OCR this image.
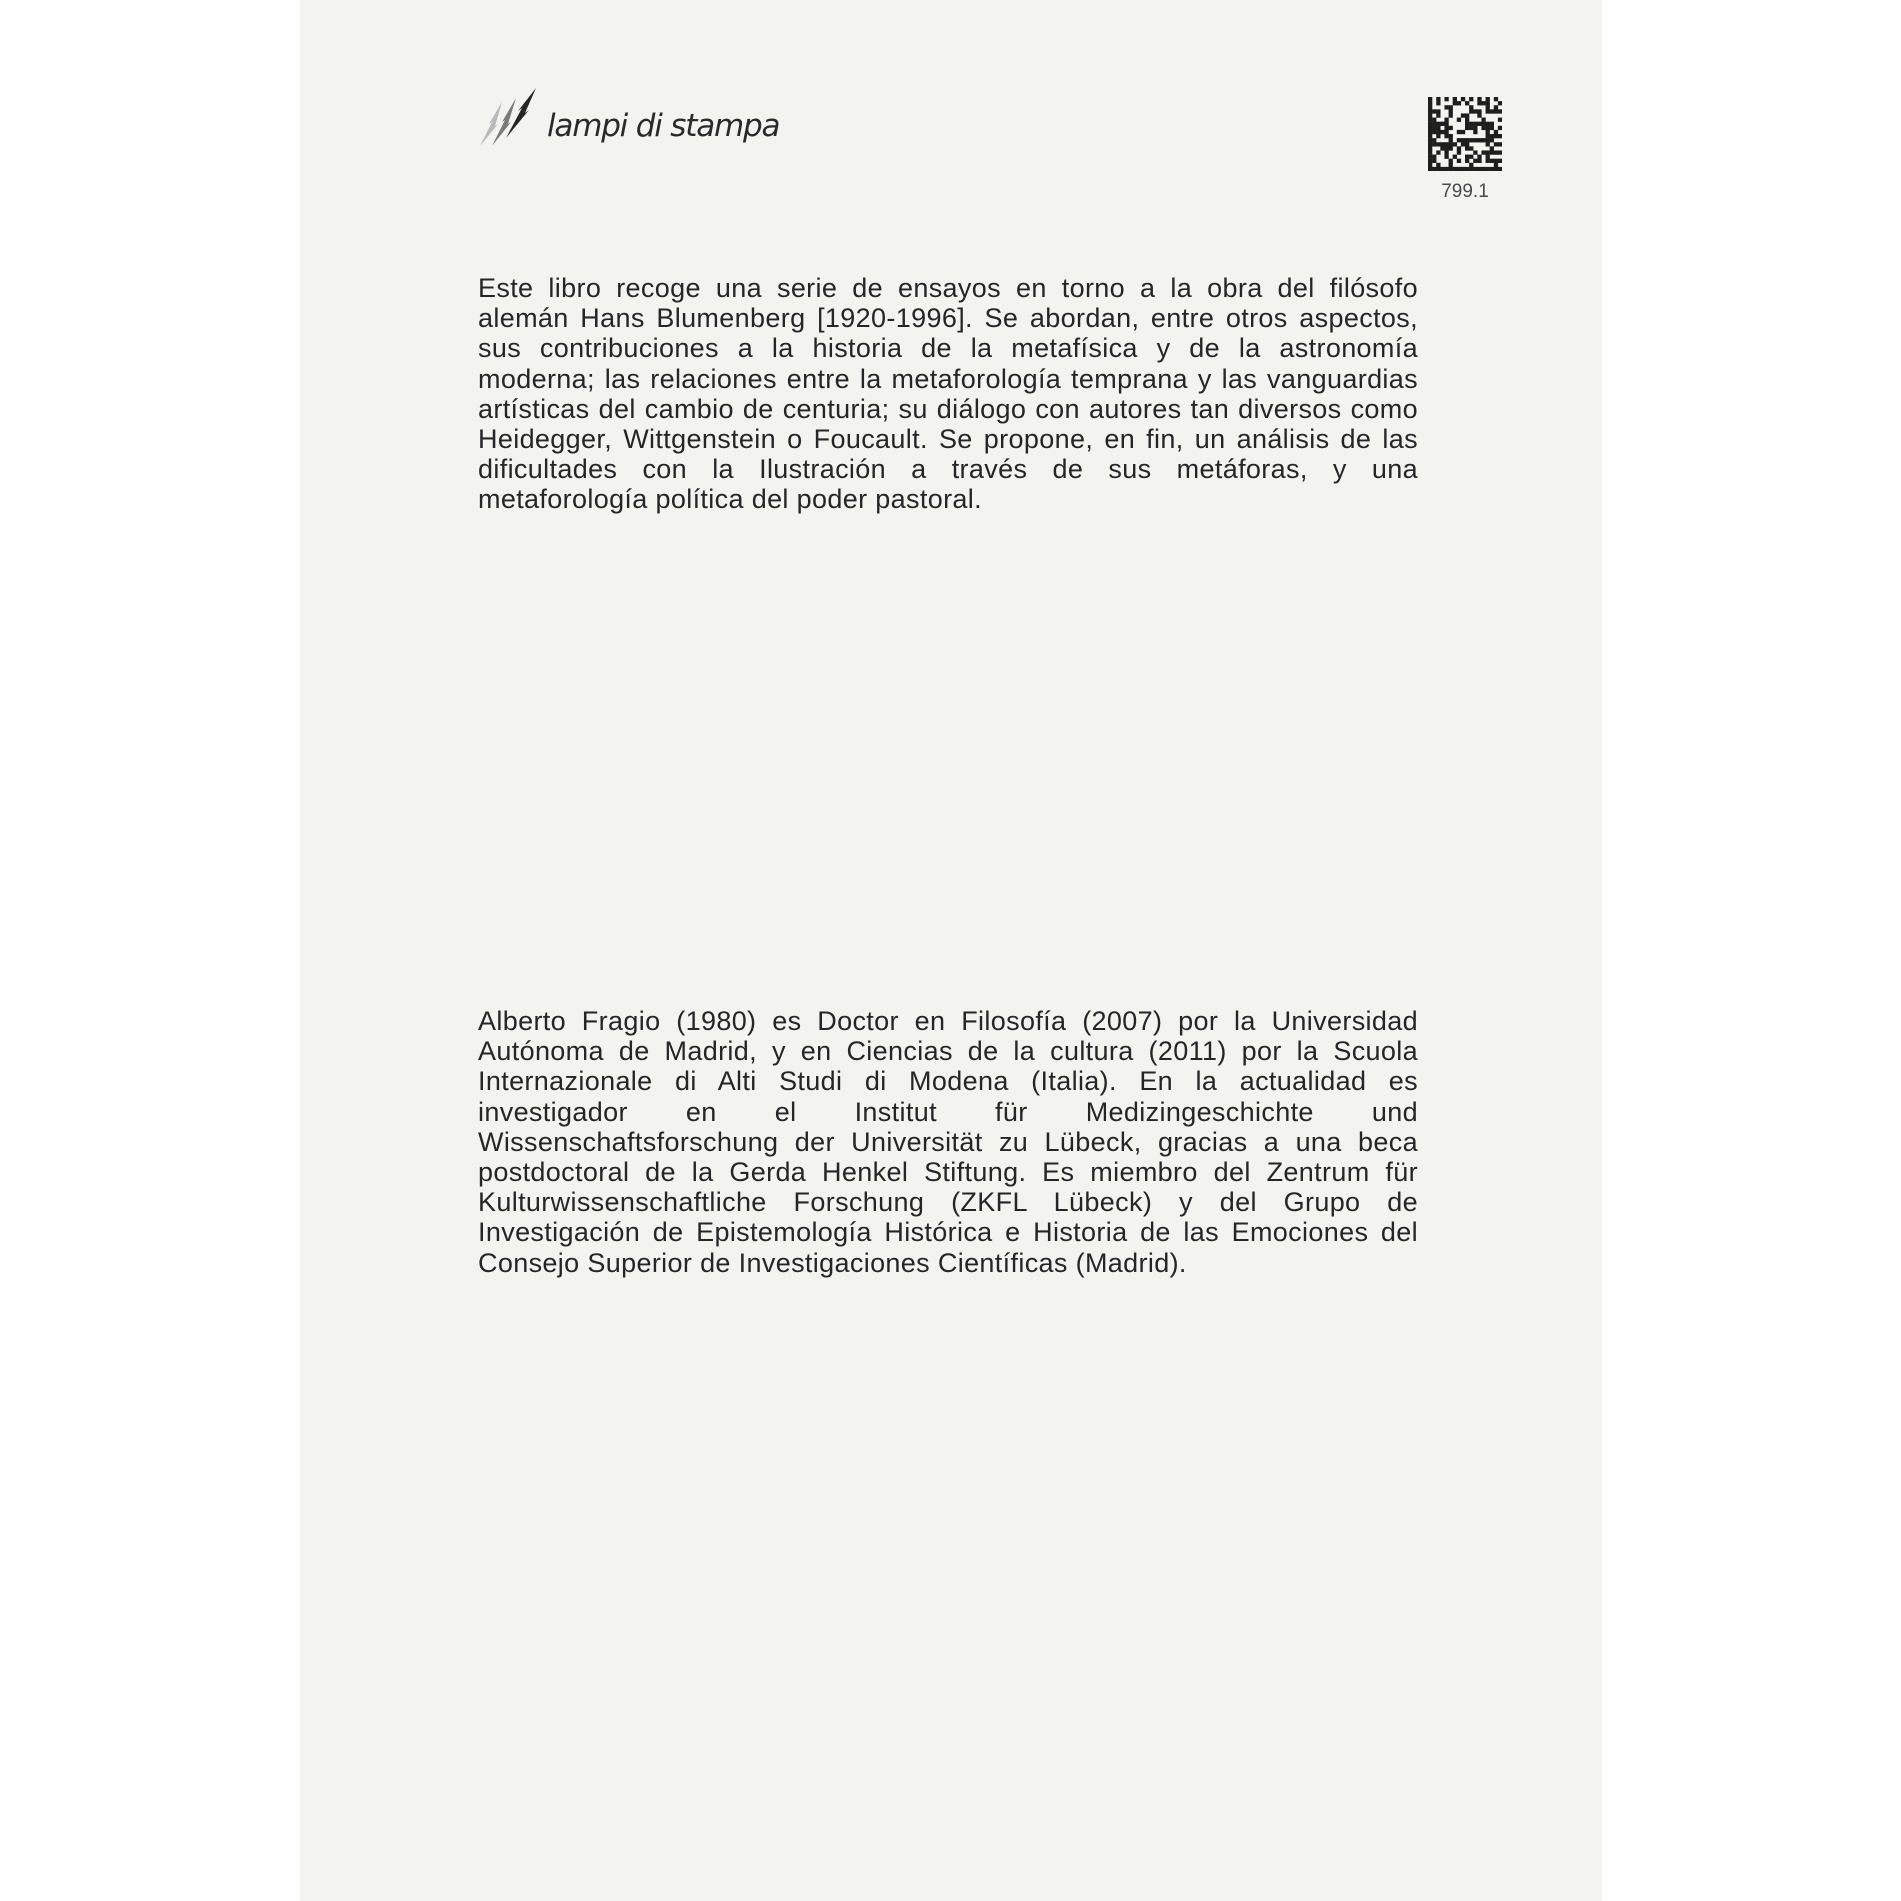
lampi di stampa
799.1

Este libro recoge una serie de ensayos en torno a la obra del filósofo alemán Hans Blumenberg [1920-1996]. Se abordan, entre otros aspectos, sus contribuciones a la historia de la metafísica y de la astronomía moderna; las relaciones entre la metaforología temprana y las vanguardias artísticas del cambio de centuria; su diálogo con autores tan diversos como Heidegger, Wittgenstein o Foucault. Se propone, en fin, un análisis de las dificultades con la Ilustración a través de sus metáforas, y una metaforología política del poder pastoral.

Alberto Fragio (1980) es Doctor en Filosofía (2007) por la Universidad Autónoma de Madrid, y en Ciencias de la cultura (2011) por la Scuola Internazionale di Alti Studi di Modena (Italia). En la actualidad es investigador en el Institut für Medizingeschichte und Wissenschaftsforschung der Universität zu Lübeck, gracias a una beca postdoctoral de la Gerda Henkel Stiftung. Es miembro del Zentrum für Kulturwissenschaftliche Forschung (ZKFL Lübeck) y del Grupo de Investigación de Epistemología Histórica e Historia de las Emociones del Consejo Superior de Investigaciones Científicas (Madrid).
